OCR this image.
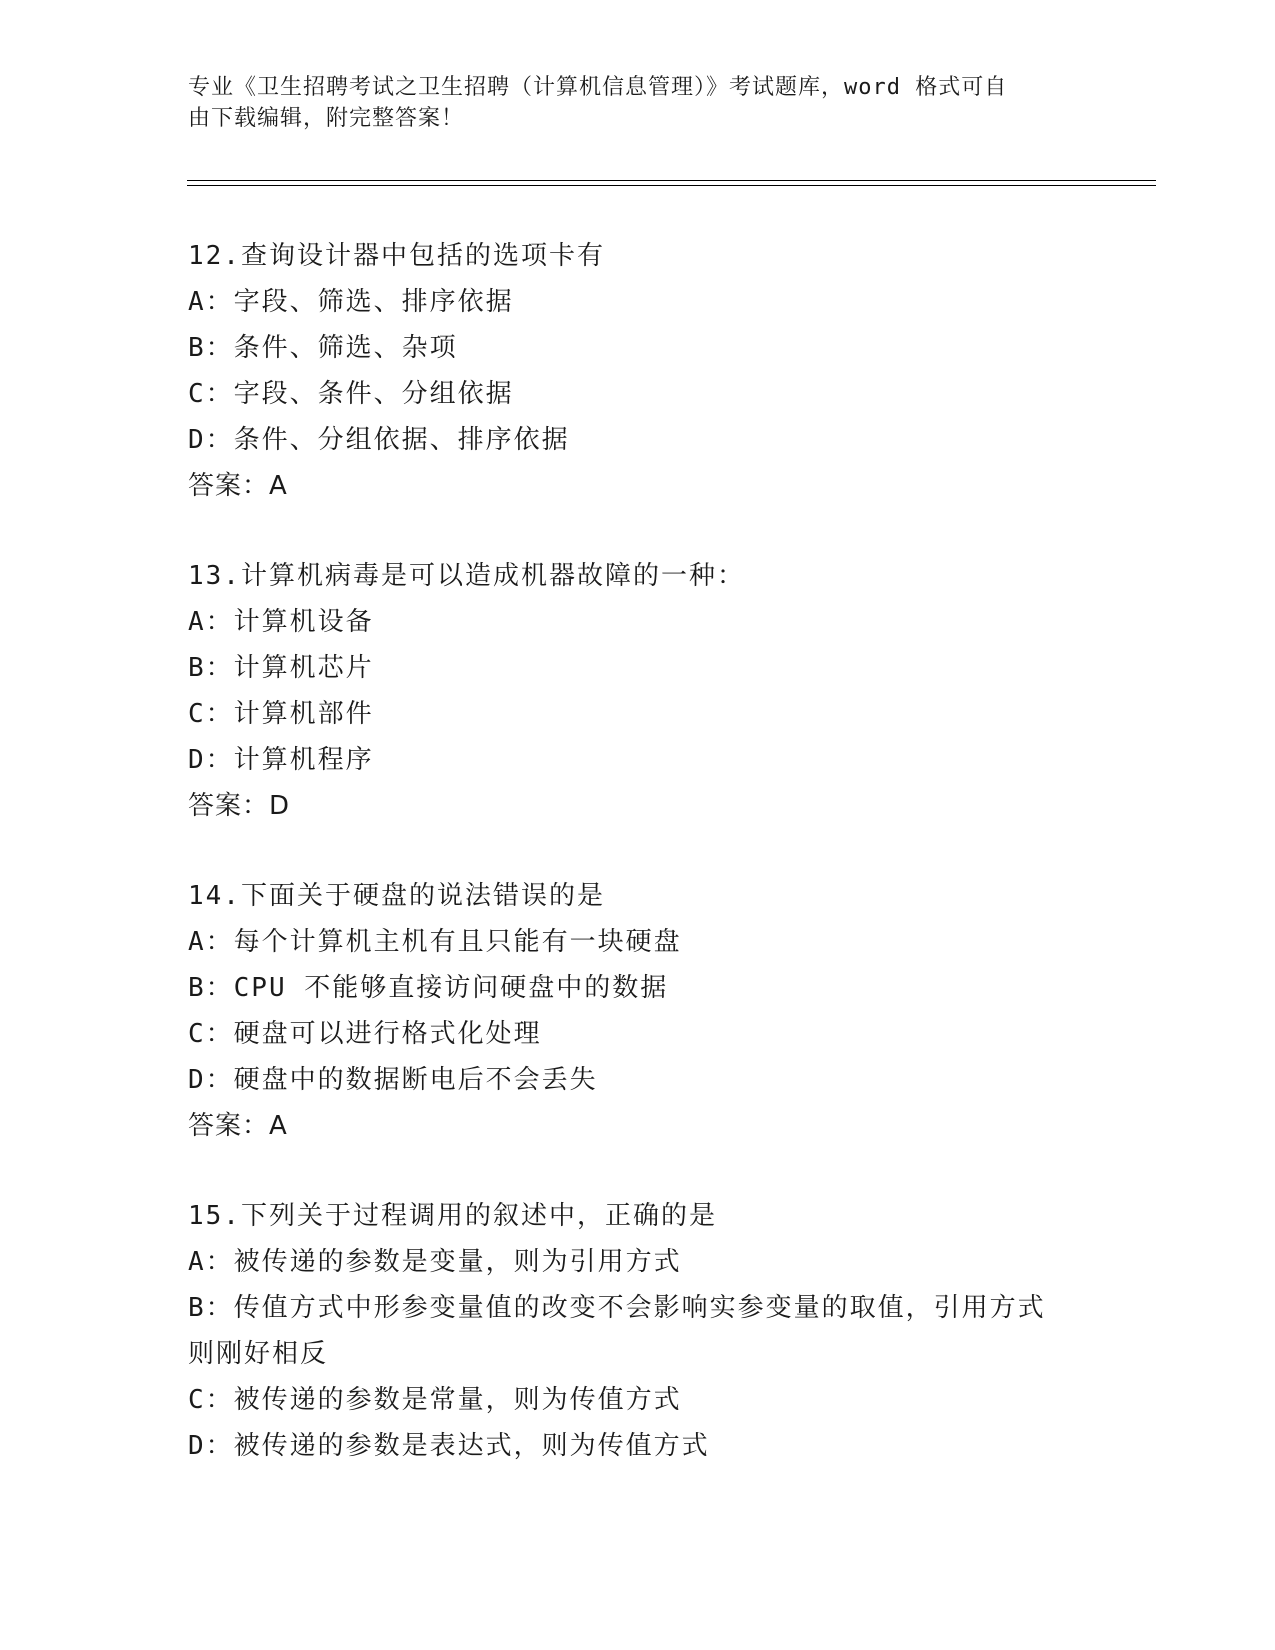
专业《卫生招聘考试之卫生招聘（计算机信息管理）》考试题库，word 格式可自
由下载编辑，附完整答案！
12.查询设计器中包括的选项卡有
A：字段、筛选、排序依据
B：条件、筛选、杂项
C：字段、条件、分组依据
D：条件、分组依据、排序依据
答案：A
13.计算机病毒是可以造成机器故障的一种：
A：计算机设备
B：计算机芯片
C：计算机部件
D：计算机程序
答案：D
14.下面关于硬盘的说法错误的是
A：每个计算机主机有且只能有一块硬盘
B：CPU 不能够直接访问硬盘中的数据
C：硬盘可以进行格式化处理
D：硬盘中的数据断电后不会丢失
答案：A
15.下列关于过程调用的叙述中，正确的是
A：被传递的参数是变量，则为引用方式
B：传值方式中形参变量值的改变不会影响实参变量的取值，引用方式
则刚好相反
C：被传递的参数是常量，则为传值方式
D：被传递的参数是表达式，则为传值方式
